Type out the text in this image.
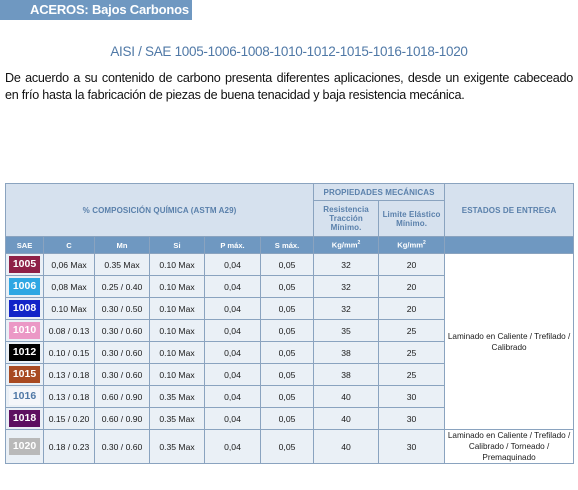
ACEROS: Bajos Carbonos
AISI / SAE 1005-1006-1008-1010-1012-1015-1016-1018-1020
De acuerdo a su contenido de carbono presenta diferentes aplicaciones, desde un exigente cabeceado en frío hasta la fabricación de piezas de buena tenacidad y baja resistencia mecánica.
% COMPOSICIÓN QUÍMICA (ASTM A29)						PROPIEDADES MECÁNICAS		ESTADOS DE ENTREGA
						Resistencia Tracción Mínimo.	Limite Elástico Mínimo.	
SAE	C	Mn	Si	P máx.	S máx.	$Kg/mm^2$	$Kg/mm^2$	

1005	0,06 Max	0.35 Max	0.10 Max	0,04	0,05	32	20	Laminado en Caliente / Trefilado / Calibrado

1006	0,08 Max	0.25 / 0.40	0.10 Max	0,04	0,05	32	20	

1008	0.10 Max	0.30 / 0.50	0.10 Max	0,04	0,05	32	20	

1010	0.08 / 0.13	0.30 / 0.60	0.10 Max	0,04	0,05	35	25	

1012	0.10 / 0.15	0.30 / 0.60	0.10 Max	0,04	0,05	38	25	

1015	0.13 / 0.18	0.30 / 0.60	0.10 Max	0,04	0,05	38	25	

1016	0.13 / 0.18	0.60 / 0.90	0.35 Max	0,04	0,05	40	30	

1018	0.15 / 0.20	0.60 / 0.90	0.35 Max	0,04	0,05	40	30	

1020	0.18 / 0.23	0.30 / 0.60	0.35 Max	0,04	0,05	40	30	Laminado en Caliente / Trefilado / Calibrado / Torneado / Premaquinado
